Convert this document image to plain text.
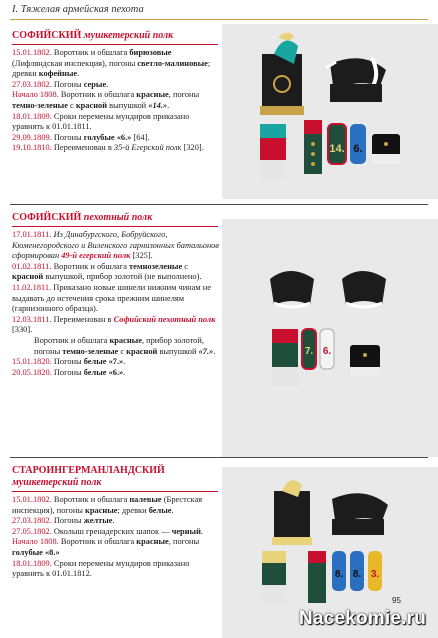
I. Тяжелая армейская пехота
СОФИЙСКИЙ мушкетерский полк

15.01.1802. Воротник и обшлага бирюзовые (Лифляндская инспекция), погоны светло-малиновые; древки кофейные.

27.03.1802. Погоны серые.

Начало 1808. Воротник и обшлага красные, погоны темно-зеленые с красной выпушкой «14.».

18.01.1809. Сроки перемены мундиров приказано уравнять к 01.01.1811.

29.09.1809. Погоны голубые «6.» [64].

19.10.1810. Переименован в 35-й Егерский полк [320].

СОФИЙСКИЙ пехотный полк

17.01.1811. Из Динабургского, Бобруйского, Кюменегородского и Виленского гарнизонных батальонов сформирован 49-й егерский полк [325].

01.02.1811. Воротник и обшлага темнозеленые с красной выпушкой, прибор золотой (не выполнено).

11.02.1811. Приказано новые шинели нижним чинам не выдавать до истечения срока прежним шинелям (гарнизонного образца).

12.03.1811. Переименован в Софийский пехотный полк [330].

Воротник и обшлага красные, прибор золотой, погоны темно-зеленые с красной выпушкой «7.».

15.01.1820. Погоны белые «7.».

20.05.1820. Погоны белые «6.».

СТАРОИНГЕРМАНЛАНДСКИЙ
мушкетерский полк

15.01.1802. Воротник и обшлага палевые (Брестская инспекция), погоны красные; древки белые.

27.03.1802. Погоны желтые.

27.05.1802. Околыш гренадерских шапок — черный.

Начало 1808. Воротник и обшлага красные, погоны голубые «8.»

18.01.1809. Сроки перемены мундиров приказано уравнять к 01.01.1812.

14. 6.
7. 6.
8. 8. 3.
95
Nacekomie.ru
